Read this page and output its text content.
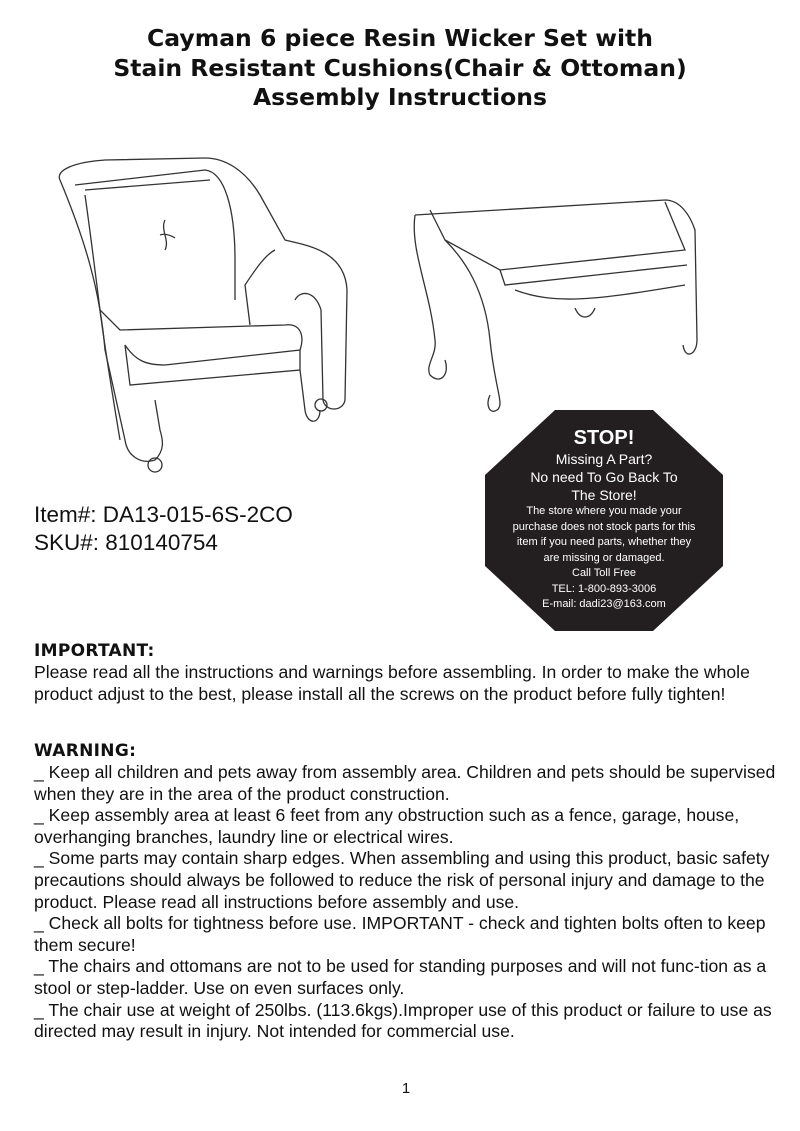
Cayman 6 piece Resin Wicker Set with
Stain Resistant Cushions(Chair & Ottoman)
Assembly Instructions
Item#: DA13-015-6S-2CO
SKU#: 810140754
STOP!
Missing A Part?
No need To Go Back To
The Store!
The store where you made your
purchase does not stock parts for this
item if you need parts, whether they
are missing or damaged.
Call Toll Free
TEL: 1-800-893-3006
E-mail: dadi23@163.com
IMPORTANT:

Please read all the instructions and warnings before assembling. In order to make the whole product adjust to the best, please install all the screws on the product before fully tighten!

WARNING:

_ Keep all children and pets away from assembly area. Children and pets should be supervised when they are in the area of the product construction.

_ Keep assembly area at least 6 feet from any obstruction such as a fence, garage, house, overhanging branches, laundry line or electrical wires.

_ Some parts may contain sharp edges. When assembling and using this product, basic safety precautions should always be followed to reduce the risk of personal injury and damage to the product. Please read all instructions before assembly and use.

_ Check all bolts for tightness before use. IMPORTANT - check and tighten bolts often to keep them secure!

_ The chairs and ottomans are not to be used for standing purposes and will not func-tion as a stool or step-ladder. Use on even surfaces only.

_ The chair use at weight of 250lbs. (113.6kgs).Improper use of this product or failure to use as directed may result in injury. Not intended for commercial use.

1
